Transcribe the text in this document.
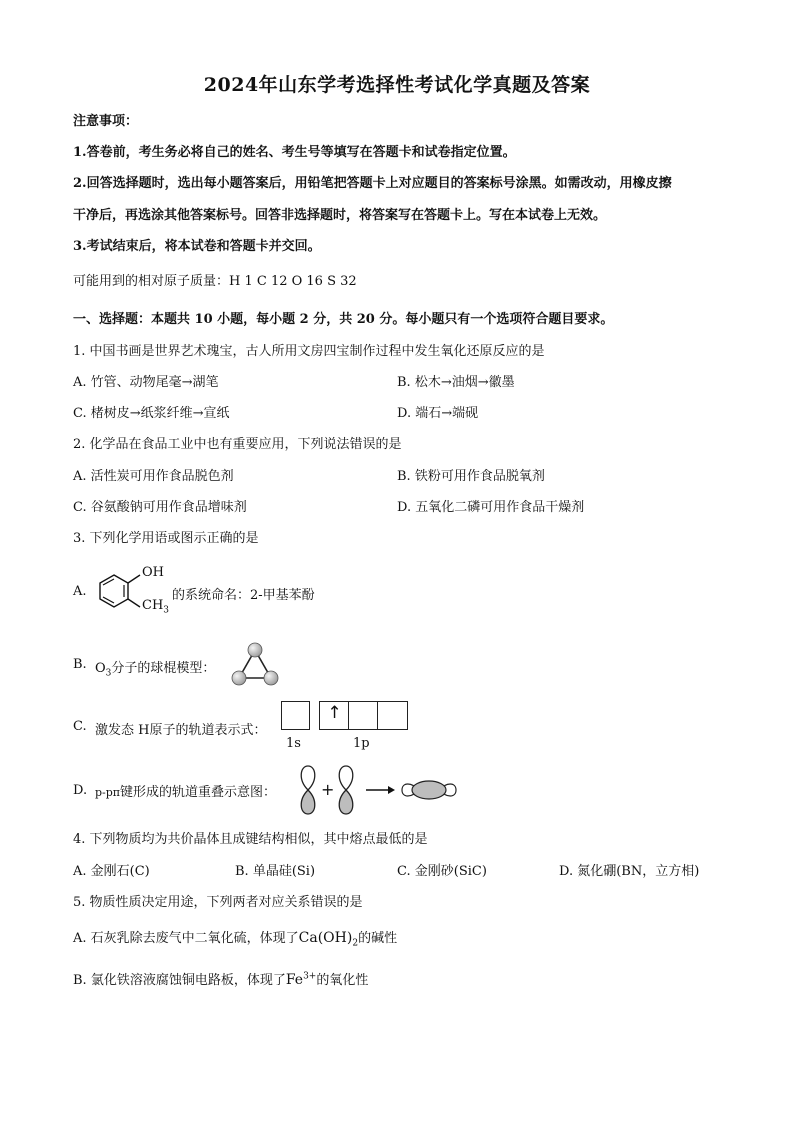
2024年山东学考选择性考试化学真题及答案
注意事项：
1.答卷前，考生务必将自己的姓名、考生号等填写在答题卡和试卷指定位置。
2.回答选择题时，选出每小题答案后，用铅笔把答题卡上对应题目的答案标号涂黑。如需改动，用橡皮擦
干净后，再选涂其他答案标号。回答非选择题时，将答案写在答题卡上。写在本试卷上无效。
3.考试结束后，将本试卷和答题卡并交回。
可能用到的相对原子质量：H 1 C 12 O 16 S 32
一、选择题：本题共 10 小题，每小题 2 分，共 20 分。每小题只有一个选项符合题目要求。
1. 中国书画是世界艺术瑰宝，古人所用文房四宝制作过程中发生氧化还原反应的是
A. 竹管、动物尾毫→湖笔	B. 松木→油烟→徽墨
C. 楮树皮→纸浆纤维→宣纸	D. 端石→端砚
2. 化学品在食品工业中也有重要应用，下列说法错误的是
A. 活性炭可用作食品脱色剂	B. 铁粉可用作食品脱氧剂
C. 谷氨酸钠可用作食品增味剂	D. 五氧化二磷可用作食品干燥剂
3. 下列化学用语或图示正确的是
A.
OH
$CH_3$
的系统命名：2-甲基苯酚
B. $O_3$分子的球棍模型：
C. 激发态 H原子的轨道表示式：
↑
1s	1p
D. p-pπ键形成的轨道重叠示意图：	+
4. 下列物质均为共价晶体且成键结构相似，其中熔点最低的是
A. 金刚石(C)	B. 单晶硅(Si)	C. 金刚砂(SiC)	D. 氮化硼(BN，立方相)
5. 物质性质决定用途，下列两者对应关系错误的是
A. 石灰乳除去废气中二氧化硫，体现了$Ca(OH)_2$的碱性
B. 氯化铁溶液腐蚀铜电路板，体现了$Fe^{3+}$的氧化性
